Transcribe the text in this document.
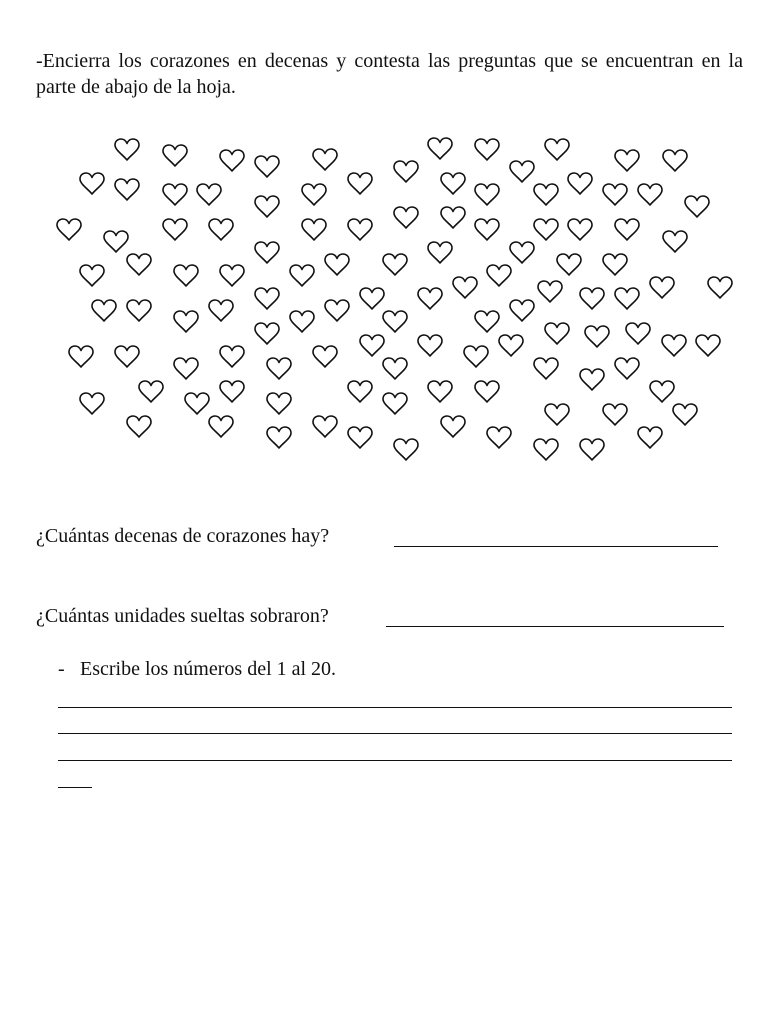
-Encierra los corazones en decenas y contesta las preguntas que se encuentran en la parte de abajo de la hoja.

¿Cuántas decenas de corazones hay?
¿Cuántas unidades sueltas sobraron?
- Escribe los números del 1 al 20.
